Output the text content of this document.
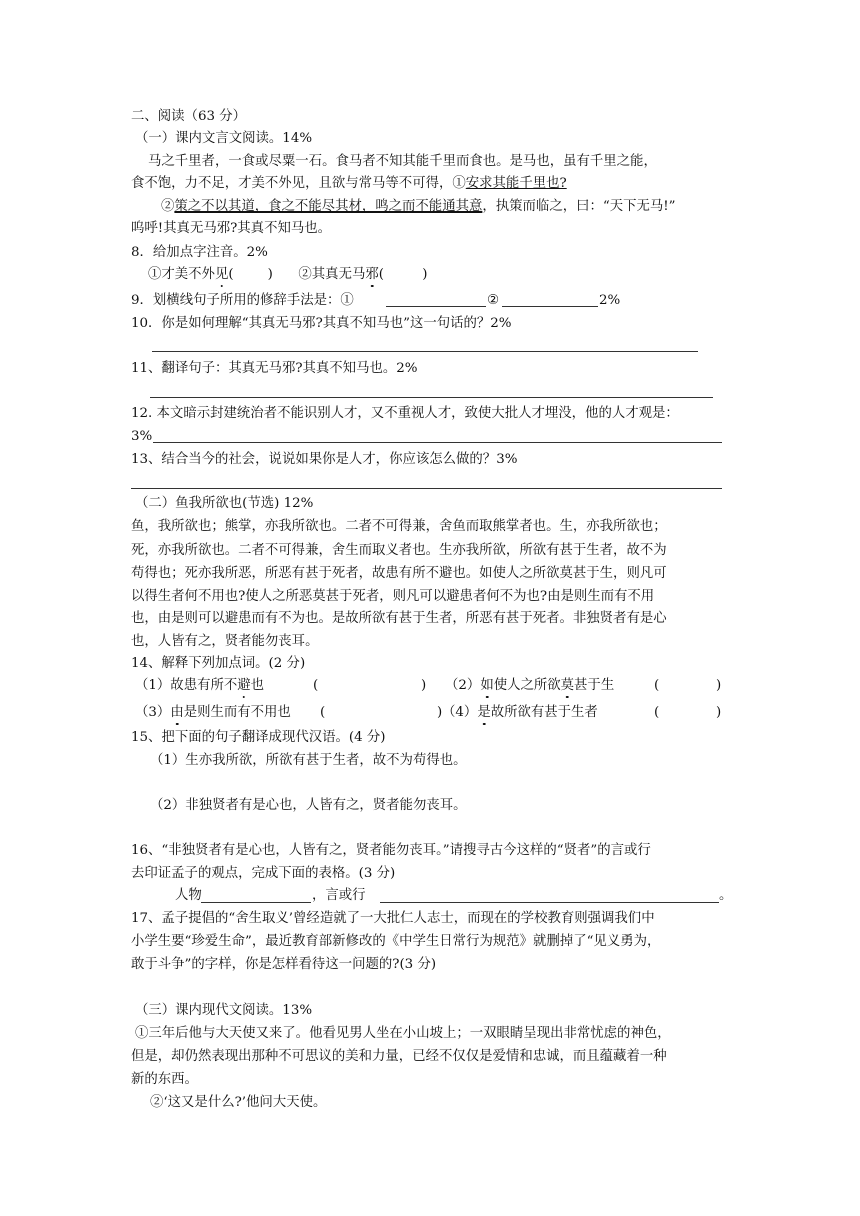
二、阅读（63 分）
（一）课内文言文阅读。14%
马之千里者，一食或尽粟一石。食马者不知其能千里而食也。是马也，虽有千里之能，
食不饱，力不足，才美不外见，且欲与常马等不可得，①安求其能千里也?
②策之不以其道，食之不能尽其材，鸣之而不能通其意，执策而临之，曰：“天下无马!”
呜呼!其真无马邪?其真不知马也。
8．给加点字注音。2%
①才美不外见(        ) ②其真无马邪(         )
9．划横线句子所用的修辞手法是：①	②	2%
10．你是如何理解“其真无马邪?其真不知马也”这一句话的？2%
11、翻译句子：其真无马邪?其真不知马也。2%
12. 本文暗示封建统治者不能识别人才，又不重视人才，致使大批人才埋没，他的人才观是：
3%
13、结合当今的社会，说说如果你是人才，你应该怎么做的？3%
（二）鱼我所欲也(节选) 12%
鱼，我所欲也；熊掌，亦我所欲也。二者不可得兼，舍鱼而取熊掌者也。生，亦我所欲也；
死，亦我所欲也。二者不可得兼，舍生而取义者也。生亦我所欲，所欲有甚于生者，故不为
苟得也；死亦我所恶，所恶有甚于死者，故患有所不避也。如使人之所欲莫甚于生，则凡可
以得生者何不用也?使人之所恶莫甚于死者，则凡可以避患者何不为也?由是则生而有不用
也，由是则可以避患而有不为也。是故所欲有甚于生者，所恶有甚于死者。非独贤者有是心
也，人皆有之，贤者能勿丧耳。
14、解释下列加点词。(2 分)
（1）故患有所不避也	(	) （2）如使人之所欲莫甚于生	(	)
（3）由是则生而有不用也 (	) （4）是故所欲有甚于生者	(	)
15、把下面的句子翻译成现代汉语。(4 分)
（1）生亦我所欲，所欲有甚于生者，故不为苟得也。
（2）非独贤者有是心也，人皆有之，贤者能勿丧耳。
16、“非独贤者有是心也，人皆有之，贤者能勿丧耳。”请搜寻古今这样的“贤者”的言或行
去印证孟子的观点，完成下面的表格。(3 分)
人物	，言或行	。
17、孟子提倡的“舍生取义’曾经造就了一大批仁人志士，而现在的学校教育则强调我们中
小学生要“珍爱生命”，最近教育部新修改的《中学生日常行为规范》就删掉了“见义勇为，
敢于斗争”的字样，你是怎样看待这一问题的?(3 分)
（三）课内现代文阅读。13%
①三年后他与大天使又来了。他看见男人坐在小山坡上；一双眼睛呈现出非常忧虑的神色，
但是，却仍然表现出那种不可思议的美和力量，已经不仅仅是爱情和忠诚，而且蕴藏着一种
新的东西。
②‘这又是什么?’他问大天使。
